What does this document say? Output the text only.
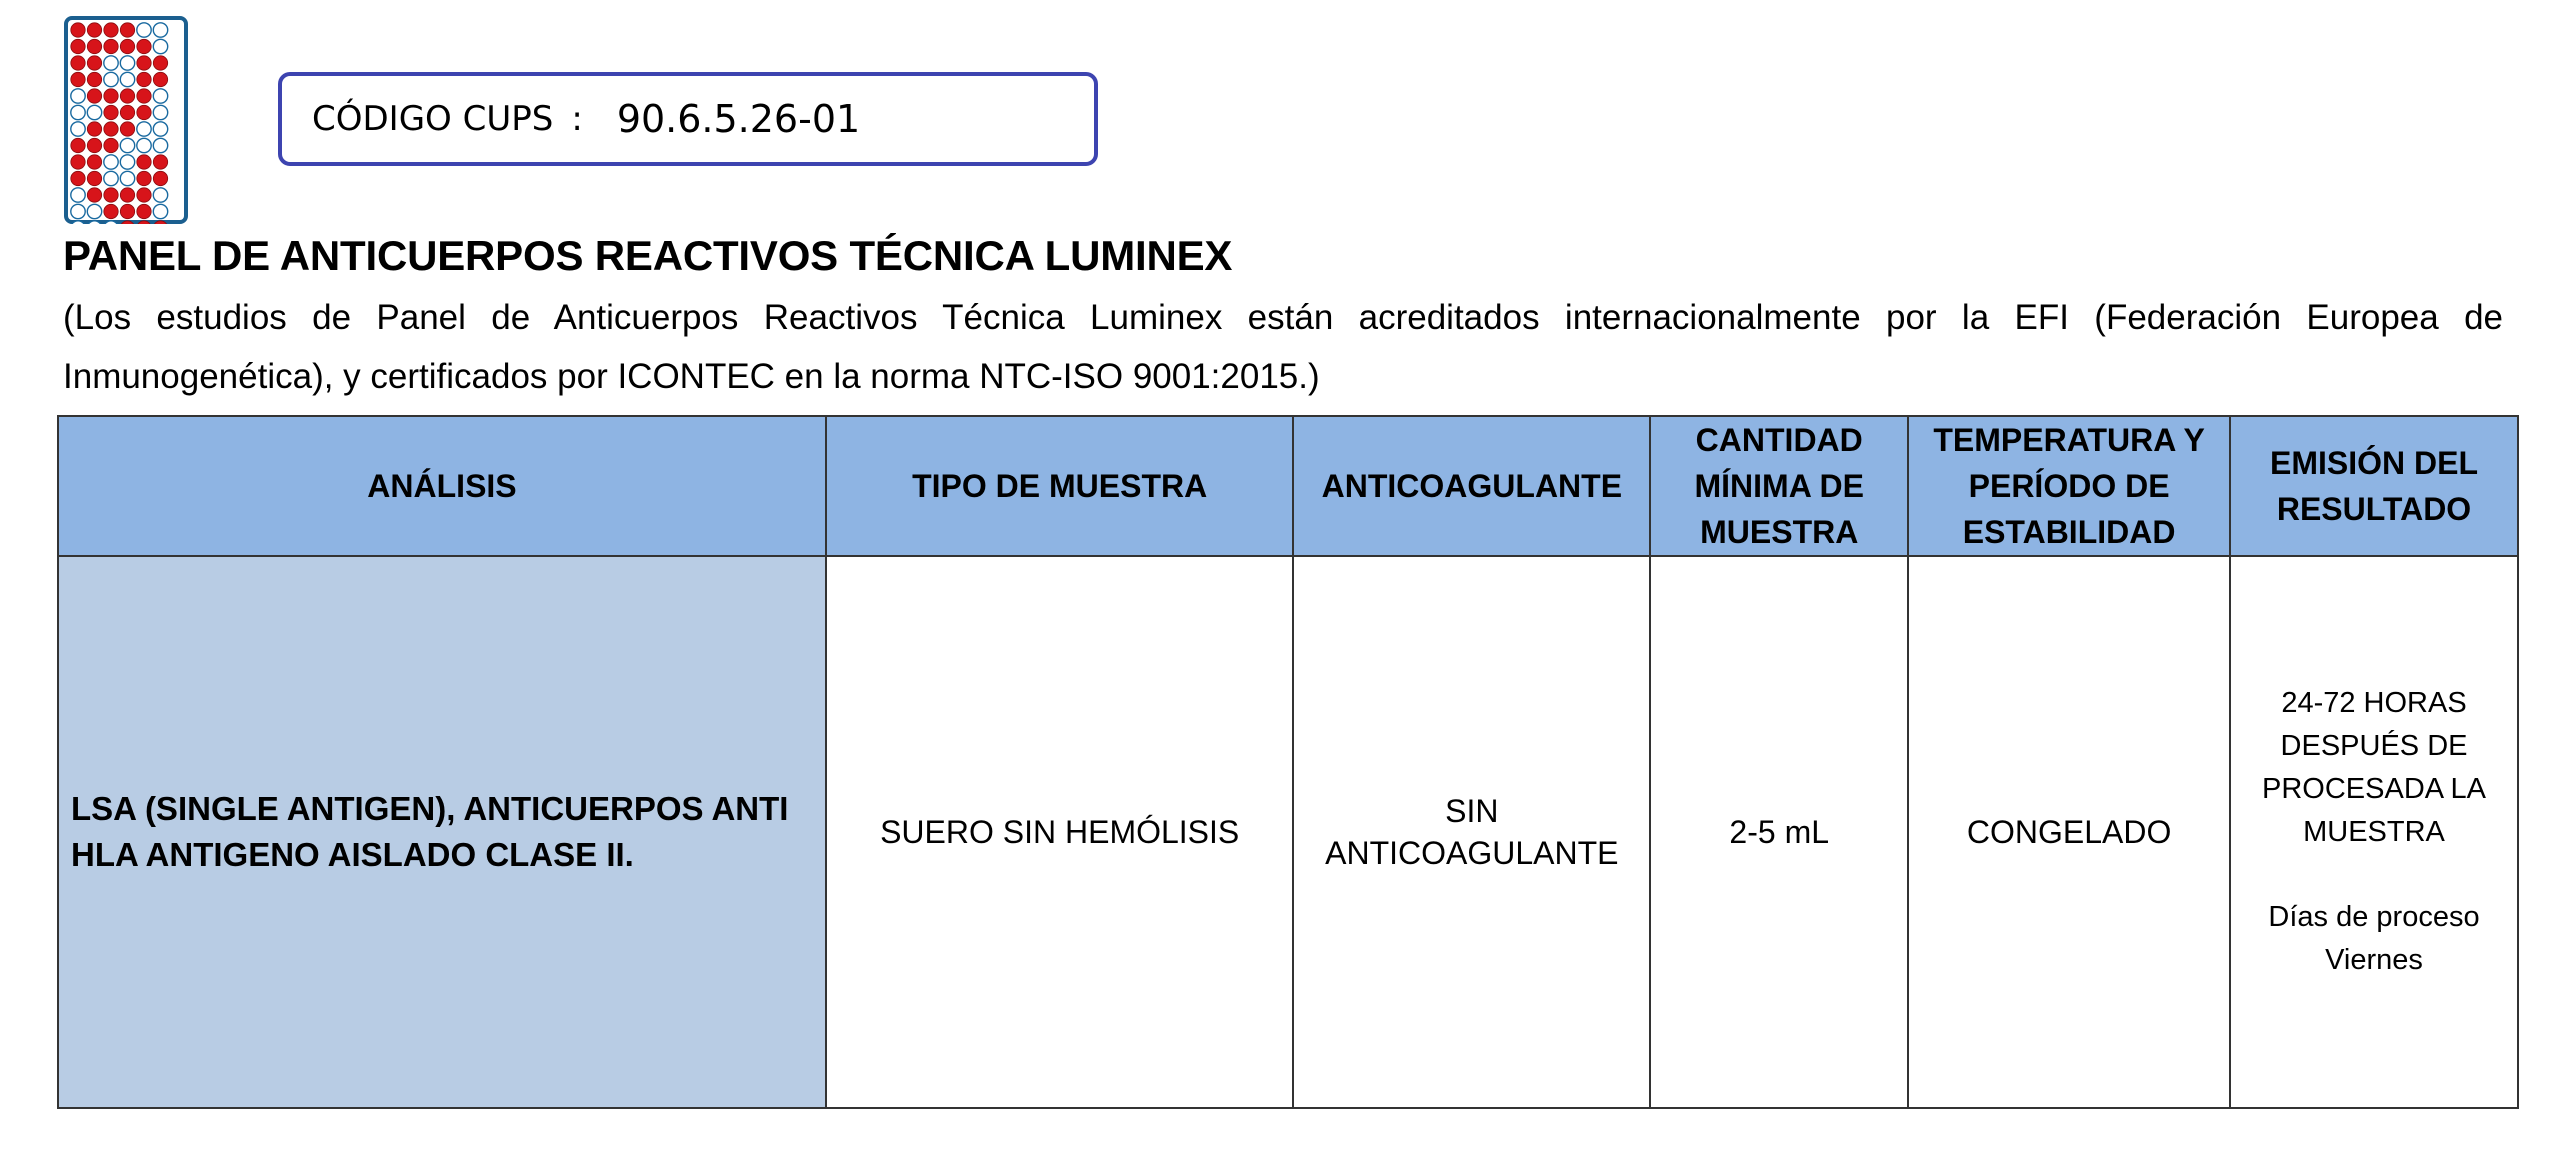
CÓDIGO CUPS : 90.6.5.26-01
PANEL DE ANTICUERPOS REACTIVOS TÉCNICA LUMINEX
(Los estudios de Panel de Anticuerpos Reactivos Técnica Luminex están acreditados internacionalmente por la EFI (Federación Europea de Inmunogenética), y certificados por ICONTEC en la norma NTC-ISO 9001:2015.)
ANÁLISIS	TIPO DE MUESTRA	ANTICOAGULANTE	CANTIDAD MÍNIMA DE MUESTRA	TEMPERATURA Y PERÍODO DE ESTABILIDAD	EMISIÓN DEL RESULTADO
LSA (SINGLE ANTIGEN), ANTICUERPOS ANTI HLA ANTIGENO AISLADO CLASE II.	SUERO SIN HEMÓLISIS	SIN ANTICOAGULANTE	2-5 mL	CONGELADO	24-72 HORAS DESPUÉS DE PROCESADA LA MUESTRA
Días de proceso Viernes
